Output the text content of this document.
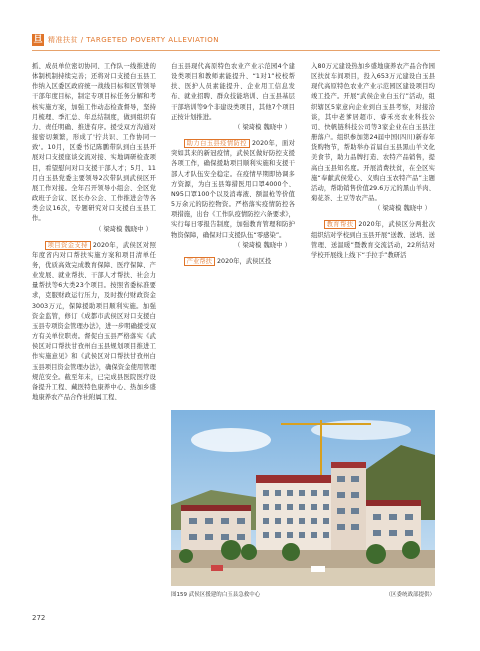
旦 精准扶贫 / TARGETED POVERTY ALLEVIATION

抓、成员单位密切协同、工作队一线推进的体制机制持续完善；还将对口支援白玉县工作纳入区委区政府统一战线目标和区管领导干部年度目标，制定专项目标任务分解和考核实施方案，加强工作动态检查督导，坚持月梳理、季汇总、年总结制度，做到组织有力、责任明确、推进有序。援受双方沟通对接密切频繁，形成了'拧共识、工作协同一致'。10月，区委书记陈鹏带队到白玉县开展对口支援座谈交流对接、实地调研检查项目，看望慰问对口支援干部人才；5月、11月白玉县党委主要领导2次带队到武侯区开展工作对接。全年召开领导小组会、全区党政班子会议、区长办公会、工作推进会等各类会议16次，专题研究对口支援白玉县工作。

（ 梁琦模 魏晓中 ）

项目资金支持 2020年，武侯区对照年度省内对口帮扶实施方案和项目清单任务，优质高效完成教育保障、医疗保障、产业发展、就业帮扶、干部人才帮扶、社会力量帮扶等6大类23个项目。按照省委标准要求，克服财政运行压力，及时拨付财政资金3003万元，保障援助项目顺利实施。加强资金监管，修订《成都市武侯区对口支援白玉县专项资金管理办法》，进一步明确援受双方有关单位职责。督促白玉县严格落实《武侯区对口帮扶甘孜州白玉县规划项目推进工作实施意见》和《武侯区对口帮扶甘孜州白玉县项目资金管理办法》，确保资金使用管理规范安全。截至年末，已完成县医院医疗设备提升工程、藏医特色康养中心、热加乡盛地康养农产品合作社附属工程、

白玉县现代高原特色农业产业示范园4个建设类项目和教师素能提升、“1对1”校校帮扶、医护人员素能提升、企业用工信息发布、就业招聘、群众技能培训、白玉县基层干部培训等9个非建设类项目，其他7个项目正按计划推进。

（ 梁琦模 魏晓中 ）

助力白玉县疫情防控 2020年，面对突如其来的新冠疫情，武侯区做好防控支援各项工作，确保援助项目顺利实施和支援干部人才队伍安全稳定。在疫情早期即协调多方资源，为白玉县筹措医用口罩4000个、N95口罩100个以及消毒液、额温枪等价值5万余元的防控物资。严格落实疫情防控各项措施，出台《工作队疫情防控六条要求》，实行每日零报告制度，加强教育管理和防护物资保障，确保对口支援队伍“零感染”。

（ 梁琦模 魏晓中 ）

产业帮扶 2020年，武侯区投

入80万元建设热加乡盛地康养农产品合作园区扶贫车间项目，投入653万元建设白玉县现代高原特色农业产业示范园区建设项目均竣工投产。开展“武侯企业白玉行”活动，组织辖区5家意向企业到白玉县考察，对接洽谈，其中老爹居超市、睿禾亮农业科技公司、快帆链科技公司等3家企业在白玉县注册落户。组织参加第24届中国(四川)新春年货购物节，帮助举办首届白玉县黑山羊文化美食节，助力品牌打造、农特产品销售，提高白玉县知名度。开展消费扶贫，在全区实施“奉献武侯爱心、义购白玉农特产品”主题活动，帮助销售价值29.6万元的黑山羊肉、菊花茶、土豆等农产品。

（ 梁琦模 魏晓中 ）

教育帮扶 2020年，武侯区分两批次组织结对学校到白玉县开展“送教、送培、送管理、送温暖”暨教育交流活动，22所结对学校开展线上线下“手拉手”教研活

图159 武侯区援建的白玉县急救中心	（区委统战部提供）
272
